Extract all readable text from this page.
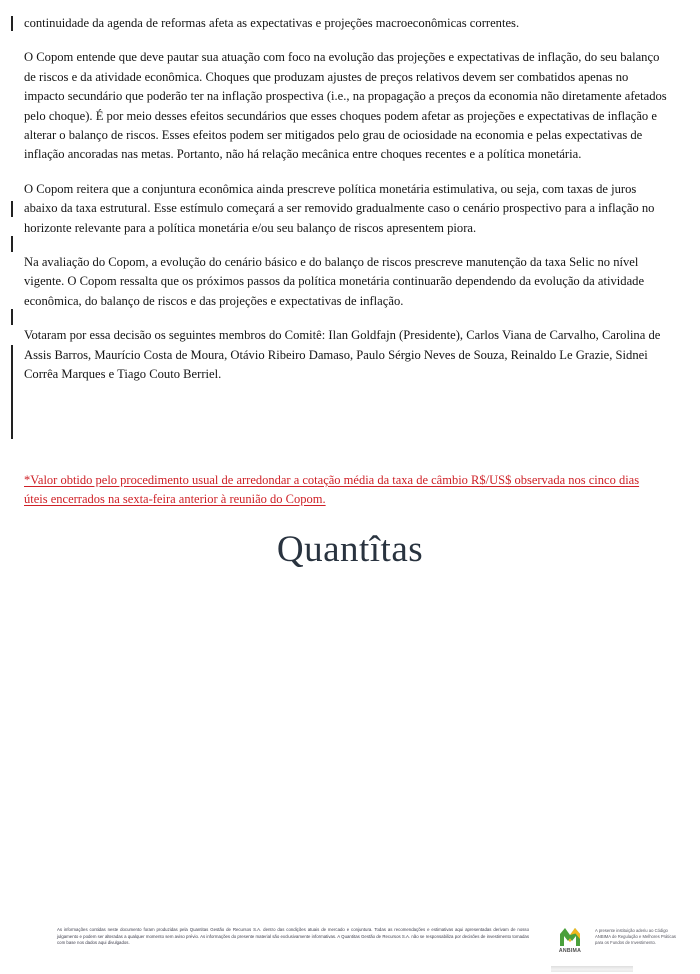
continuidade da agenda de reformas afeta as expectativas e projeções macroeconômicas correntes.
O Copom entende que deve pautar sua atuação com foco na evolução das projeções e expectativas de inflação, do seu balanço de riscos e da atividade econômica. Choques que produzam ajustes de preços relativos devem ser combatidos apenas no impacto secundário que poderão ter na inflação prospectiva (i.e., na propagação a preços da economia não diretamente afetados pelo choque). É por meio desses efeitos secundários que esses choques podem afetar as projeções e expectativas de inflação e alterar o balanço de riscos. Esses efeitos podem ser mitigados pelo grau de ociosidade na economia e pelas expectativas de inflação ancoradas nas metas. Portanto, não há relação mecânica entre choques recentes e a política monetária.
O Copom reitera que a conjuntura econômica ainda prescreve política monetária estimulativa, ou seja, com taxas de juros abaixo da taxa estrutural. Esse estímulo começará a ser removido gradualmente caso o cenário prospectivo para a inflação no horizonte relevante para a política monetária e/ou seu balanço de riscos apresentem piora.
Na avaliação do Copom, a evolução do cenário básico e do balanço de riscos prescreve manutenção da taxa Selic no nível vigente. O Copom ressalta que os próximos passos da política monetária continuarão dependendo da evolução da atividade econômica, do balanço de riscos e das projeções e expectativas de inflação.
Votaram por essa decisão os seguintes membros do Comitê: Ilan Goldfajn (Presidente), Carlos Viana de Carvalho, Carolina de Assis Barros, Maurício Costa de Moura, Otávio Ribeiro Damaso, Paulo Sérgio Neves de Souza, Reinaldo Le Grazie, Sidnei Corrêa Marques e Tiago Couto Berriel.
*Valor obtido pelo procedimento usual de arredondar a cotação média da taxa de câmbio R$/US$ observada nos cinco dias úteis encerrados na sexta-feira anterior à reunião do Copom.
Quantîtas
As informações contidas neste documento foram produzidas pela Quantitas Gestão de Recursos S.A. dentro das condições atuais de mercado e conjuntura. Todas as recomendações e estimativas aqui apresentadas derivam de nosso julgamento e podem ser alteradas a qualquer momento sem aviso prévio. As informações do presente material são exclusivamente informativas. A Quantitas Gestão de Recursos S.A. não se responsabiliza por decisões de investimento tomadas com base nos dados aqui divulgados.
ANBIMA
A presente instituição aderiu ao Código ANBIMA de Regulação e Melhores Práticas para os Fundos de Investimento.
